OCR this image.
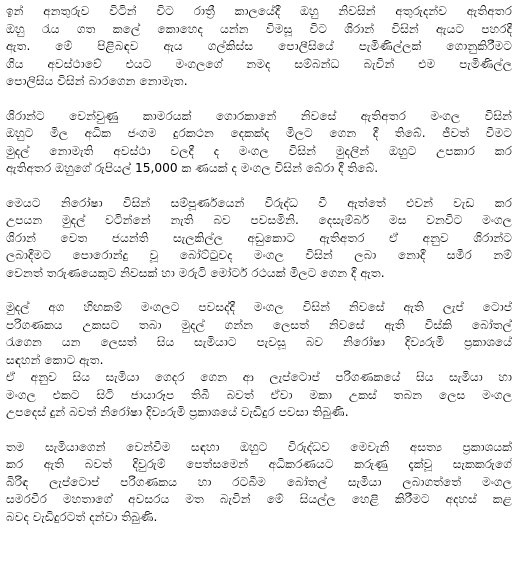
ඉන් අනතුරුව විටින් විට රාත්‍රී කාලයේදී ඔහු නිවසින් අතුරුදන්ව ඇතිඅතර
ඔහු රැය ගත කලේ කොහෙද යන්න විමසූ විට ශිරාන් විසින් ඇයට පහරදී
ඇත. මේ පිළිබඳව ඇය ගල්කිස්ස පොලීසියේ පැමිණිල්ලක් ගොනුකිරීමට
ගිය අවස්ථාවේ එයට මංගලගේ නමද සම්බන්ධ බැවින් එම පැමිණිල්ල
පොලිසිය විසින් බාරගෙන නොමැත.
ශිරාන්ට වෙන්වුණු කාමරයක් ගොරකානේ නිවසේ ඇතිඅතර මංගල විසින්
ඔහුට මිල අධික ජංගම දුරකථන දෙකක්ද මිලට ගෙන දී තිබේ. ජීවත් වීමට
මුදල් නොමැති අවස්ථා වලදී ද මංගල විසින් මුදලින් ඔහුට උපකාර කර
ඇතිඅතර ඔහුගේ රුපියල් 15,000 ක ණයක් ද මංගල විසින් බේරා දී තිබේ.
මෙයට නිරෝෂා විසින් සම්පූර්ණයෙන් විරුද්ධ වී ඇත්තේ එවන් වැඩ කර
උපයන මුදල් වටින්නේ නැති බව පවසමිනි. දෙසැම්බර් මස වනවිට මංගල
ශිරාන් වෙත ජයන්ති සැලකිල්ල අඩුකොට ඇතිඅතර ඒ අනුව ශිරාන්ට
ලබාදීමට පොරොන්දු වූ බෝට්ටුවද මංගල විසින් ලබා නොදී සමීර නම්
වෙනත් තරුණයෙකුට නිවසක් හා මරුටි මෝටර් රථයක් මිලට ගෙන දී ඇත.
මුදල් අග හිඟකම් මංගලට පවසද්දී මංගල විසින් නිවසේ ඇති ලැප් ටොප්
පරිගණකය උකසට තබා මුදල් ගන්න ලෙසත් නිවසේ ඇති විස්කි බෝතල්
රැගෙන යන ලෙසත් සිය සැමියාට පැවසූ බව නිරෝෂා දිව්‍යරුමි ප්‍රකාශයේ
සඳහන් කොට ඇත.
ඒ අනුව සිය සැමියා ගෙදර ගෙන ආ ලැප්ටොප් පරිගණකයේ සිය සැමියා හා
මංගල එකට සිටි ජායාරූප තිබී බවත් ඒවා මකා උකස් තබන ලෙස මංගල
උපදෙස් දුන් බවත් නිරෝෂා දිව්‍යරුමි ප්‍රකාශයේ වැඩිදුර පවසා තිබුණි.
තම සැමියාගෙන් වෙන්වීම සඳහා ඔහුට විරුද්ධව මෙවැනි අසත්‍ය ප්‍රකාශයක්
කර ඇති බවත් දිවුරුම් පෙත්සමෙන් අධිකරණයට කරුණු දැක්වූ සැකකරුගේ
බිරිඳ ලැප්ටොප් පරිගණකය හා රටබීම බෝතල් සැමියා ලබාගත්තේ මංගල
සමරවීර මහතාගේ අවසරය මත බැවින් මේ සියල්ල හෙළි කිරීමට අදහස් කළ
බවද වැඩිදුරටත් දන්වා තිබුණි.
